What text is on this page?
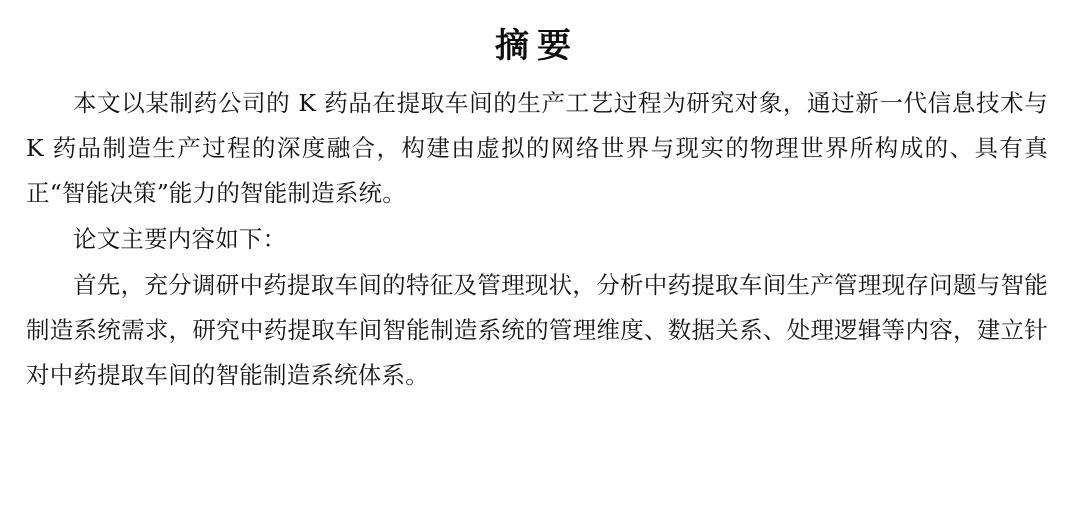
摘要

本文以某制药公司的 K 药品在提取车间的生产工艺过程为研究对象，通过新一代信息技术与 K 药品制造生产过程的深度融合，构建由虚拟的网络世界与现实的物理世界所构成的、具有真正“智能决策”能力的智能制造系统。

论文主要内容如下：

首先，充分调研中药提取车间的特征及管理现状，分析中药提取车间生产管理现存问题与智能制造系统需求，研究中药提取车间智能制造系统的管理维度、数据关系、处理逻辑等内容，建立针对中药提取车间的智能制造系统体系。
